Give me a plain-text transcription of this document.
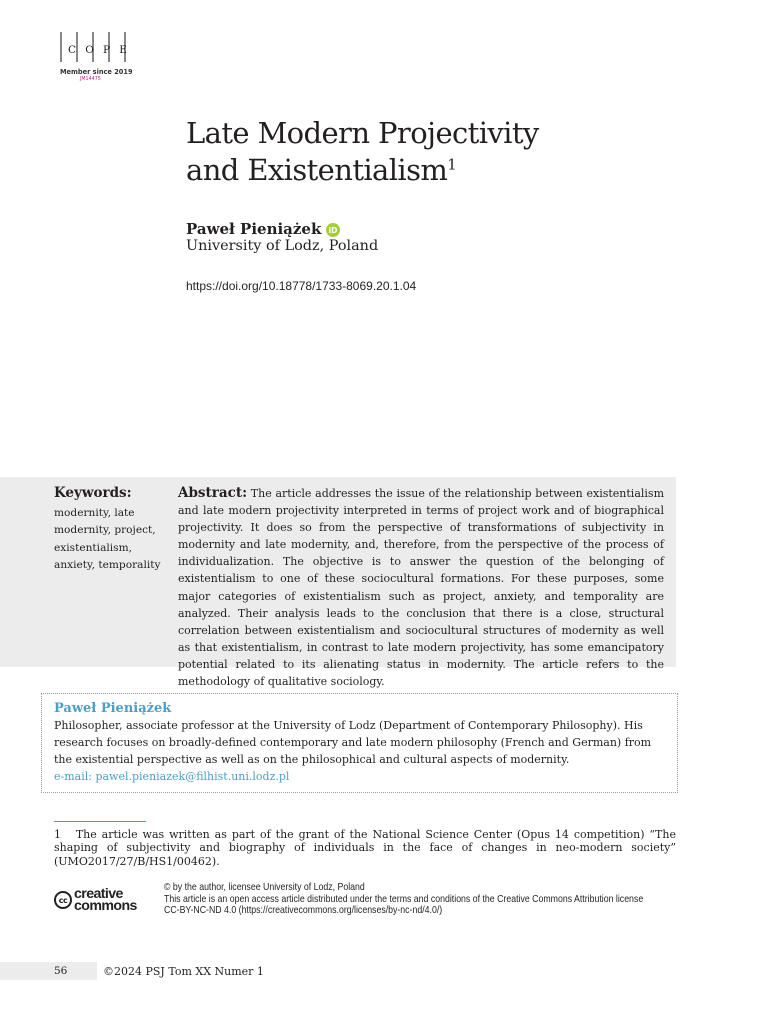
C O P E
Member since 2019
JM14475
Late Modern Projectivity
and Existentialism$^1$
Paweł Pieniążek iD
University of Lodz, Poland
https://doi.org/10.18778/1733-8069.20.1.04
Keywords:
modernity, late modernity, project, existentialism, anxiety, temporality

Abstract: The article addresses the issue of the relationship between existentialism and late modern projectivity interpreted in terms of project work and of biographical projectivity. It does so from the perspective of transformations of subjectivity in modernity and late modernity, and, therefore, from the perspective of the process of individualization. The objective is to answer the question of the belonging of existentialism to one of these sociocultural formations. For these purposes, some major categories of existentialism such as project, anxiety, and temporality are analyzed. Their analysis leads to the conclusion that there is a close, structural correlation between existentialism and sociocultural structures of modernity as well as that existentialism, in contrast to late modern projectivity, has some emancipatory potential related to its alienating status in modernity. The article refers to the methodology of qualitative sociology.

Paweł Pieniążek
Philosopher, associate professor at the University of Lodz (Department of Contemporary Philosophy). His research focuses on broadly-defined contemporary and late modern philosophy (French and German) from the existential perspective as well as on the philosophical and cultural aspects of modernity.
e-mail: pawel.pieniazek@filhist.uni.lodz.pl

1 The article was written as part of the grant of the National Science Center (Opus 14 competition) “The shaping of subjectivity and biography of individuals in the face of changes in neo-modern society” (UMO2017/27/B/HS1/00462).

cc creative
commons
© by the author, licensee University of Lodz, Poland
This article is an open access article distributed under the terms and conditions of the Creative Commons Attribution license
CC-BY-NC-ND 4.0 (https://creativecommons.org/licenses/by-nc-nd/4.0/)
56	©2024 PSJ Tom XX Numer 1
